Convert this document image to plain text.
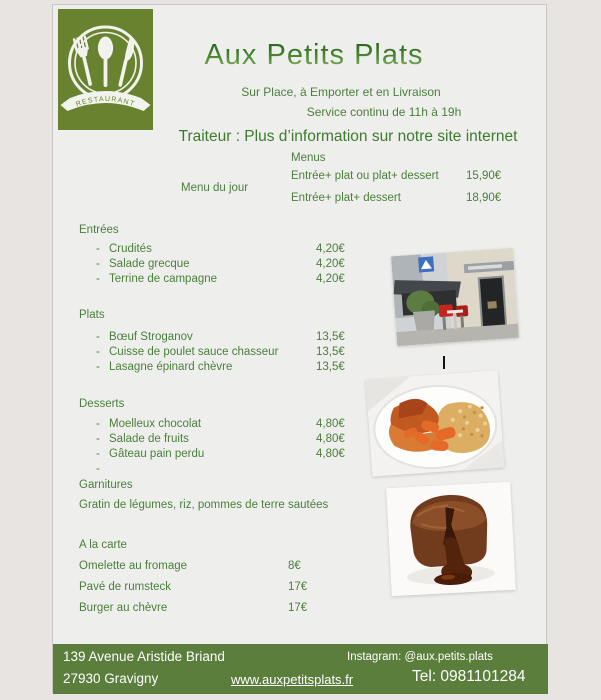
RESTAURANT
Aux Petits Plats
Sur Place, à Emporter et en Livraison
Service continu de 11h à 19h
Traiteur : Plus d’information sur notre site internet
Menus
Menu du jour
Entrée+ plat ou plat+ dessert 15,90€
Entrée+ plat+ dessert	18,90€
Entrées
- Crudités	4,20€
- Salade grecque	4,20€
- Terrine de campagne	4,20€
Plats
- Bœuf Stroganov	13,5€
- Cuisse de poulet sauce chasseur	13,5€
- Lasagne épinard chèvre	13,5€
Desserts
- Moelleux chocolat	4,80€
- Salade de fruits	4,80€
- Gâteau pain perdu	4,80€
-
Garnitures
Gratin de légumes, riz, pommes de terre sautées
A la carte
Omelette au fromage	8€
Pavé de rumsteck	17€
Burger au chèvre	17€
139 Avenue Aristide Briand
27930 Gravigny	www.auxpetitsplats.fr
Instagram: @aux.petits.plats
Tel: 0981101284
